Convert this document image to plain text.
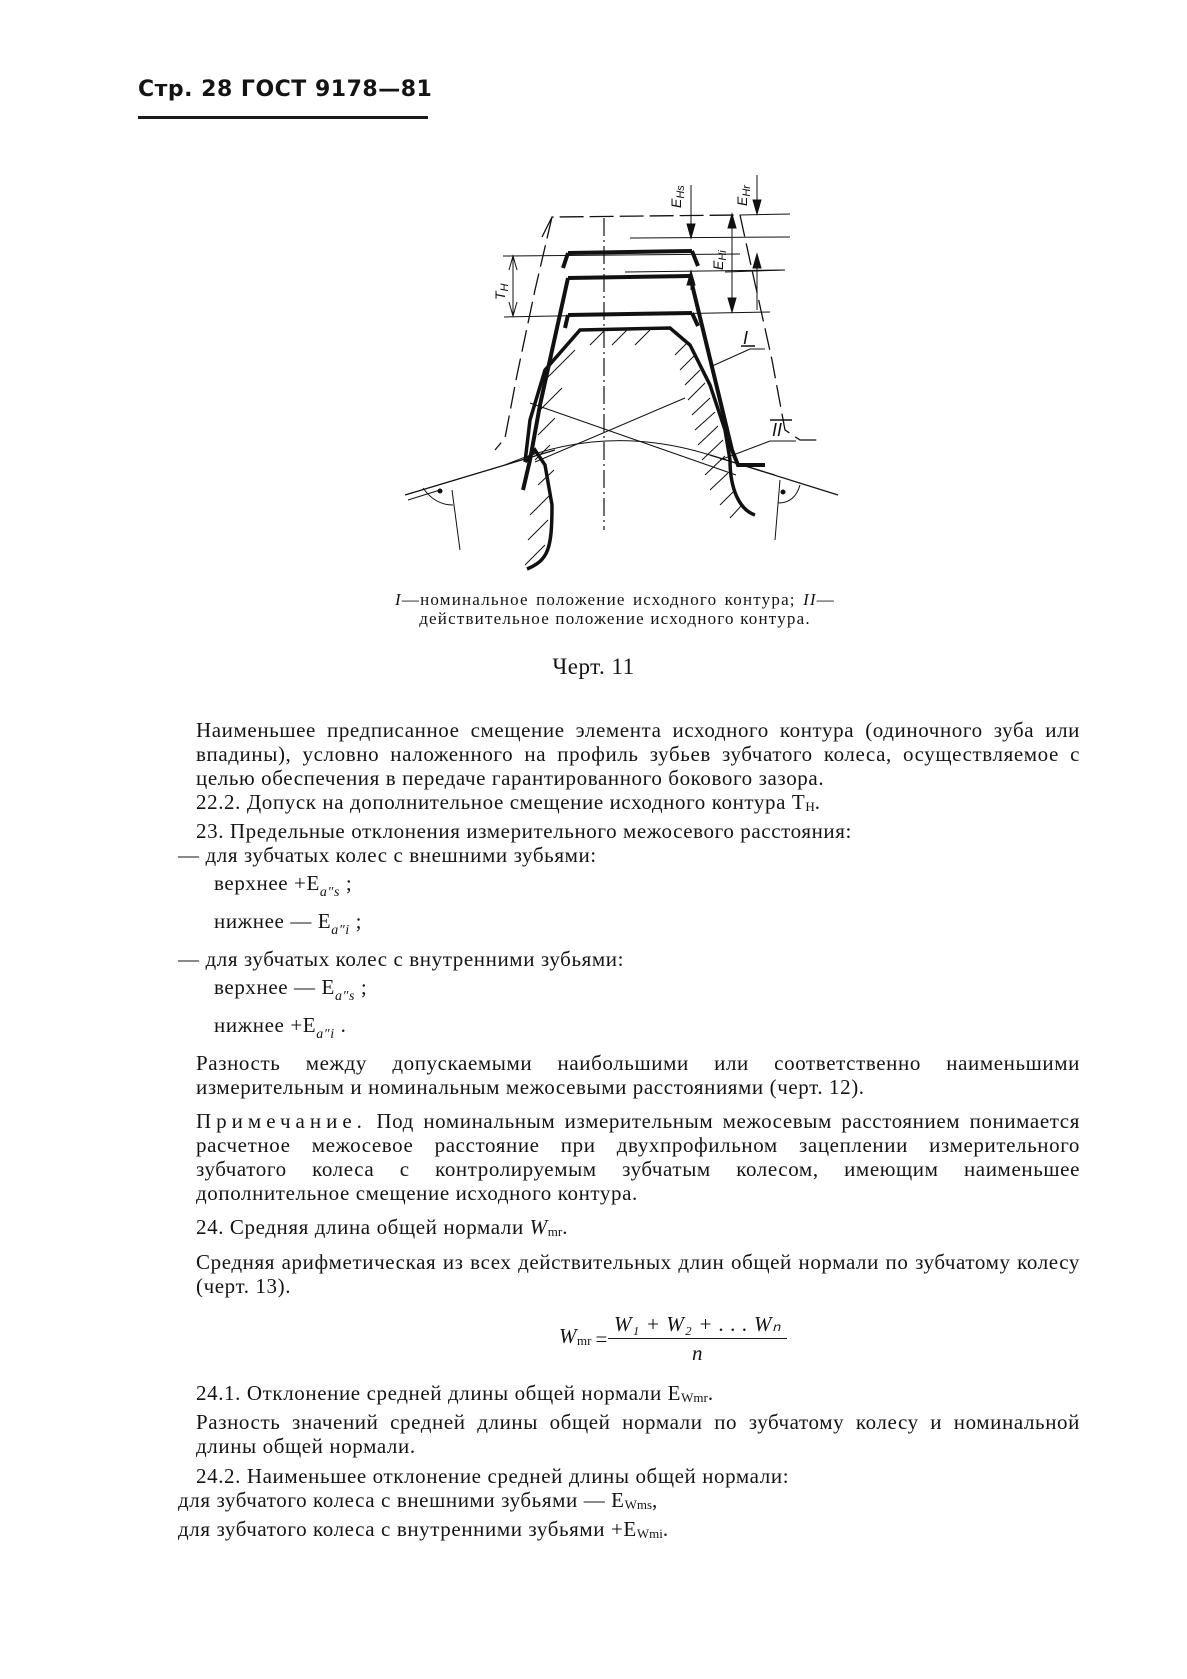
Стр. 28 ГОСТ 9178—81
$E_{Hs}$
$E_{Hr}$
$E_{Hi}$
$T_H$
I
II
I—номинальное положение исходного контура; II—действительное положение исходного контура.
Черт. 11

Наименьшее предписанное смещение элемента исходного контура (одиночного зуба или впадины), условно наложенного на профиль зубьев зубчатого колеса, осуществляемое с целью обеспечения в передаче гарантированного бокового зазора.

22.2. Допуск на дополнительное смещение исходного контура TH.

23. Предельные отклонения измерительного межосевого расстояния:

— для зубчатых колес с внешними зубьями:

верхнее $+E_{a''s}$ ;

нижнее — $E_{a''i}$ ;

— для зубчатых колес с внутренними зубьями:

верхнее — $E_{a''s}$ ;

нижнее $+E_{a''i}$ .

Разность между допускаемыми наибольшими или соответственно наименьшими измерительным и номинальным межосевыми расстояниями (черт. 12).

Примечание. Под номинальным измерительным межосевым расстоянием понимается расчетное межосевое расстояние при двухпрофильном зацеплении измерительного зубчатого колеса с контролируемым зубчатым колесом, имеющим наименьшее дополнительное смещение исходного контура.

24. Средняя длина общей нормали Wmr.

Средняя арифметическая из всех действительных длин общей нормали по зубчатому колесу (черт. 13).

Wmr = $\frac{\text{W₁ + W₂ + . . . Wₙ}}{n}$

24.1. Отклонение средней длины общей нормали EWmr.

Разность значений средней длины общей нормали по зубчатому колесу и номинальной длины общей нормали.

24.2. Наименьшее отклонение средней длины общей нормали:

для зубчатого колеса с внешними зубьями — EWms,

для зубчатого колеса с внутренними зубьями +EWmi.
